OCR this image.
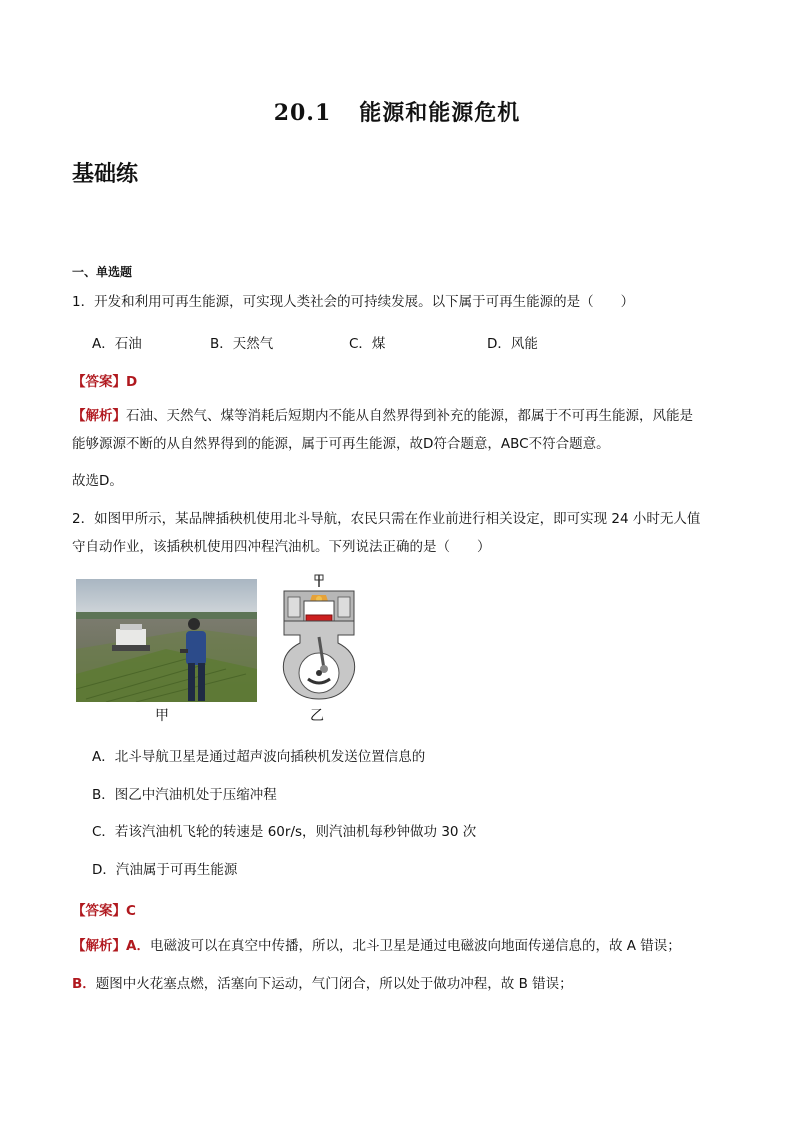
20.1 能源和能源危机
基础练
一、单选题
1．开发和利用可再生能源，可实现人类社会的可持续发展。以下属于可再生能源的是（　　）
A．石油	B．天然气	C．煤	D．风能
【答案】D
【解析】石油、天然气、煤等消耗后短期内不能从自然界得到补充的能源，都属于不可再生能源，风能是
能够源源不断的从自然界得到的能源，属于可再生能源，故D符合题意，ABC不符合题意。
故选D。
2．如图甲所示，某品牌插秧机使用北斗导航，农民只需在作业前进行相关设定，即可实现 24 小时无人值
守自动作业，该插秧机使用四冲程汽油机。下列说法正确的是（　　）
甲	乙
A．北斗导航卫星是通过超声波向插秧机发送位置信息的
B．图乙中汽油机处于压缩冲程
C．若该汽油机飞轮的转速是 60r/s，则汽油机每秒钟做功 30 次
D．汽油属于可再生能源
【答案】C
【解析】A．电磁波可以在真空中传播，所以，北斗卫星是通过电磁波向地面传递信息的，故 A 错误；
B．题图中火花塞点燃，活塞向下运动，气门闭合，所以处于做功冲程，故 B 错误；
